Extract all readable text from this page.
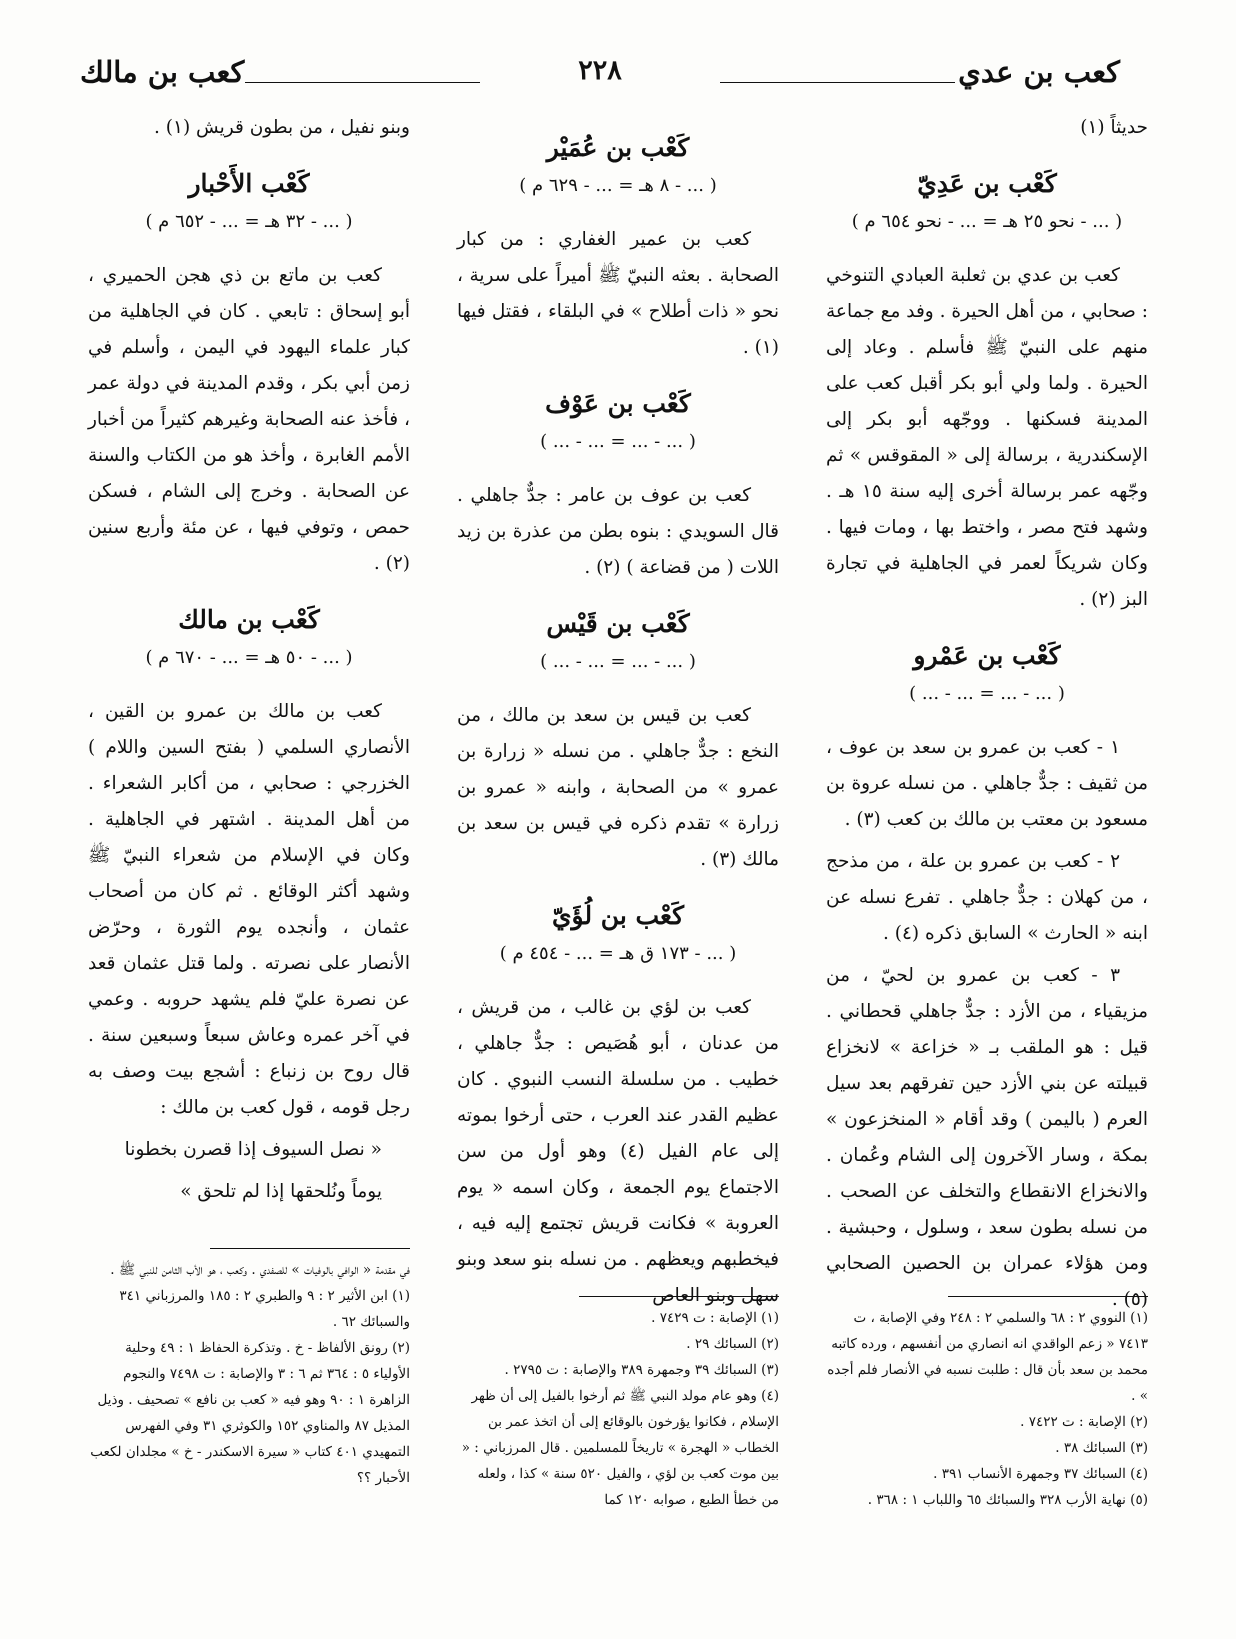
كعب بن عدي
٢٢٨
كعب بن مالك

حديثاً (١)

كَعْب بن عَدِيّ
( ... - نحو ٢٥ هـ = ... - نحو ٦٥٤ م )

كعب بن عدي بن ثعلبة العبادي التنوخي : صحابي ، من أهل الحيرة . وفد مع جماعة منهم على النبيّ ﷺ فأسلم . وعاد إلى الحيرة . ولما ولي أبو بكر أقبل كعب على المدينة فسكنها . ووجّهه أبو بكر إلى الإسكندرية ، برسالة إلى « المقوقس » ثم وجّهه عمر برسالة أخرى إليه سنة ١٥ هـ . وشهد فتح مصر ، واختط بها ، ومات فيها . وكان شريكاً لعمر في الجاهلية في تجارة البز (٢) .

كَعْب بن عَمْرو
( ... - ... = ... - ... )

١ - كعب بن عمرو بن سعد بن عوف ، من ثقيف : جدٌّ جاهلي . من نسله عروة بن مسعود بن معتب بن مالك بن كعب (٣) .

٢ - كعب بن عمرو بن علة ، من مذحج ، من كهلان : جدٌّ جاهلي . تفرع نسله عن ابنه « الحارث » السابق ذكره (٤) .

٣ - كعب بن عمرو بن لحيّ ، من مزيقياء ، من الأزد : جدٌّ جاهلي قحطاني . قيل : هو الملقب بـ « خزاعة » لانخزاع قبيلته عن بني الأزد حين تفرقهم بعد سيل العرم ( باليمن ) وقد أقام « المنخزعون » بمكة ، وسار الآخرون إلى الشام وعُمان . والانخزاع الانقطاع والتخلف عن الصحب . من نسله بطون سعد ، وسلول ، وحبشية . ومن هؤلاء عمران بن الحصين الصحابي (٥) .

كَعْب بن عُمَيْر
( ... - ٨ هـ = ... - ٦٢٩ م )

كعب بن عمير الغفاري : من كبار الصحابة . بعثه النبيّ ﷺ أميراً على سرية ، نحو « ذات أطلاح » في البلقاء ، فقتل فيها (١) .

كَعْب بن عَوْف
( ... - ... = ... - ... )

كعب بن عوف بن عامر : جدٌّ جاهلي . قال السويدي : بنوه بطن من عذرة بن زيد اللات ( من قضاعة ) (٢) .

كَعْب بن قَيْس
( ... - ... = ... - ... )

كعب بن قيس بن سعد بن مالك ، من النخع : جدٌّ جاهلي . من نسله « زرارة بن عمرو » من الصحابة ، وابنه « عمرو بن زرارة » تقدم ذكره في قيس بن سعد بن مالك (٣) .

كَعْب بن لُؤَيّ
( ... - ١٧٣ ق هـ = ... - ٤٥٤ م )

كعب بن لؤي بن غالب ، من قريش ، من عدنان ، أبو هُصَيص : جدٌّ جاهلي ، خطيب . من سلسلة النسب النبوي . كان عظيم القدر عند العرب ، حتى أرخوا بموته إلى عام الفيل (٤) وهو أول من سن الاجتماع يوم الجمعة ، وكان اسمه « يوم العروبة » فكانت قريش تجتمع إليه فيه ، فيخطبهم ويعظهم . من نسله بنو سعد وبنو سهل وبنو العاص

وبنو نفيل ، من بطون قريش (١) .

كَعْب الأَحْبار
( ... - ٣٢ هـ = ... - ٦٥٢ م )

كعب بن ماتع بن ذي هجن الحميري ، أبو إسحاق : تابعي . كان في الجاهلية من كبار علماء اليهود في اليمن ، وأسلم في زمن أبي بكر ، وقدم المدينة في دولة عمر ، فأخذ عنه الصحابة وغيرهم كثيراً من أخبار الأمم الغابرة ، وأخذ هو من الكتاب والسنة عن الصحابة . وخرج إلى الشام ، فسكن حمص ، وتوفي فيها ، عن مئة وأربع سنين (٢) .

كَعْب بن مالك
( ... - ٥٠ هـ = ... - ٦٧٠ م )

كعب بن مالك بن عمرو بن القين ، الأنصاري السلمي ( بفتح السين واللام ) الخزرجي : صحابي ، من أكابر الشعراء . من أهل المدينة . اشتهر في الجاهلية . وكان في الإسلام من شعراء النبيّ ﷺ وشهد أكثر الوقائع . ثم كان من أصحاب عثمان ، وأنجده يوم الثورة ، وحرّض الأنصار على نصرته . ولما قتل عثمان قعد عن نصرة عليّ فلم يشهد حروبه . وعمي في آخر عمره وعاش سبعاً وسبعين سنة . قال روح بن زنباع : أشجع بيت وصف به رجل قومه ، قول كعب بن مالك :

« نصل السيوف إذا قصرن بخطونا

يوماً ونُلحقها إذا لم تلحق »

(١) النووي ٢ : ٦٨ والسلمي ٢ : ٢٤٨ وفي الإصابة ، ت ٧٤١٣ « زعم الواقدي انه انصاري من أنفسهم ، ورده كاتبه محمد بن سعد بأن قال : طلبت نسبه في الأنصار فلم أجده » .
(٢) الإصابة : ت ٧٤٢٢ .
(٣) السبائك ٣٨ .
(٤) السبائك ٣٧ وجمهرة الأنساب ٣٩١ .
(٥) نهاية الأرب ٣٢٨ والسبائك ٦٥ واللباب ١ : ٣٦٨ .
(١) الإصابة : ت ٧٤٢٩ .
(٢) السبائك ٢٩ .
(٣) السبائك ٣٩ وجمهرة ٣٨٩ والإصابة : ت ٢٧٩٥ .
(٤) وهو عام مولد النبي ﷺ ثم أرخوا بالفيل إلى أن ظهر الإسلام ، فكانوا يؤرخون بالوقائع إلى أن اتخذ عمر بن الخطاب « الهجرة » تاريخاً للمسلمين . قال المرزباني : « بين موت كعب بن لؤي ، والفيل ٥٢٠ سنة » كذا ، ولعله من خطأ الطبع ، صوابه ١٢٠ كما
في مقدمة « الوافي بالوفيات » للصفدي . وكعب ، هو الأب الثامن للنبي ﷺ .
(١) ابن الأثير ٢ : ٩ والطبري ٢ : ١٨٥ والمرزباني ٣٤١ والسبائك ٦٢ .
(٢) رونق الألفاظ - خ . وتذكرة الحفاظ ١ : ٤٩ وحلية الأولياء ٥ : ٣٦٤ ثم ٦ : ٣ والإصابة : ت ٧٤٩٨ والنجوم الزاهرة ١ : ٩٠ وهو فيه « كعب بن نافع » تصحيف . وذيل المذيل ٨٧ والمناوي ١٥٢ والكوثري ٣١ وفي الفهرس التمهيدي ٤٠١ كتاب « سيرة الاسكندر - خ » مجلدان لكعب الأحبار ؟؟
